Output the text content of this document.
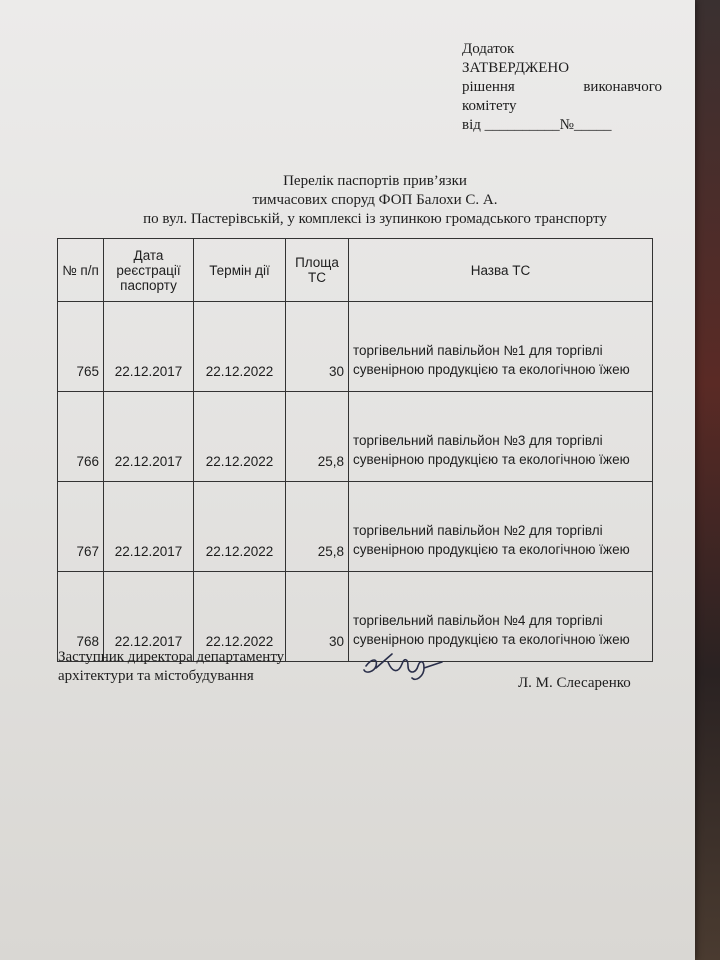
Додаток
ЗАТВЕРДЖЕНО
рішення	виконавчого
комітету
від __________№_____
Перелік паспортів прив’язки
тимчасових споруд ФОП Балохи С. А.
по вул. Пастерівській, у комплексі із зупинкою громадського транспорту
№ п/п	Дата реєстрації паспорту	Термін дії	Площа ТС	Назва ТС
765	22.12.2017	22.12.2022	30	торгівельний павільйон №1 для торгівлі сувенірною продукцією та екологічною їжею
766	22.12.2017	22.12.2022	25,8	торгівельний павільйон №3 для торгівлі сувенірною продукцією та екологічною їжею
767	22.12.2017	22.12.2022	25,8	торгівельний павільйон №2 для торгівлі сувенірною продукцією та екологічною їжею
768	22.12.2017	22.12.2022	30	торгівельний павільйон №4 для торгівлі сувенірною продукцією та екологічною їжею
Заступник директора департаменту
архітектури та містобудування	Л. М. Слесаренко
